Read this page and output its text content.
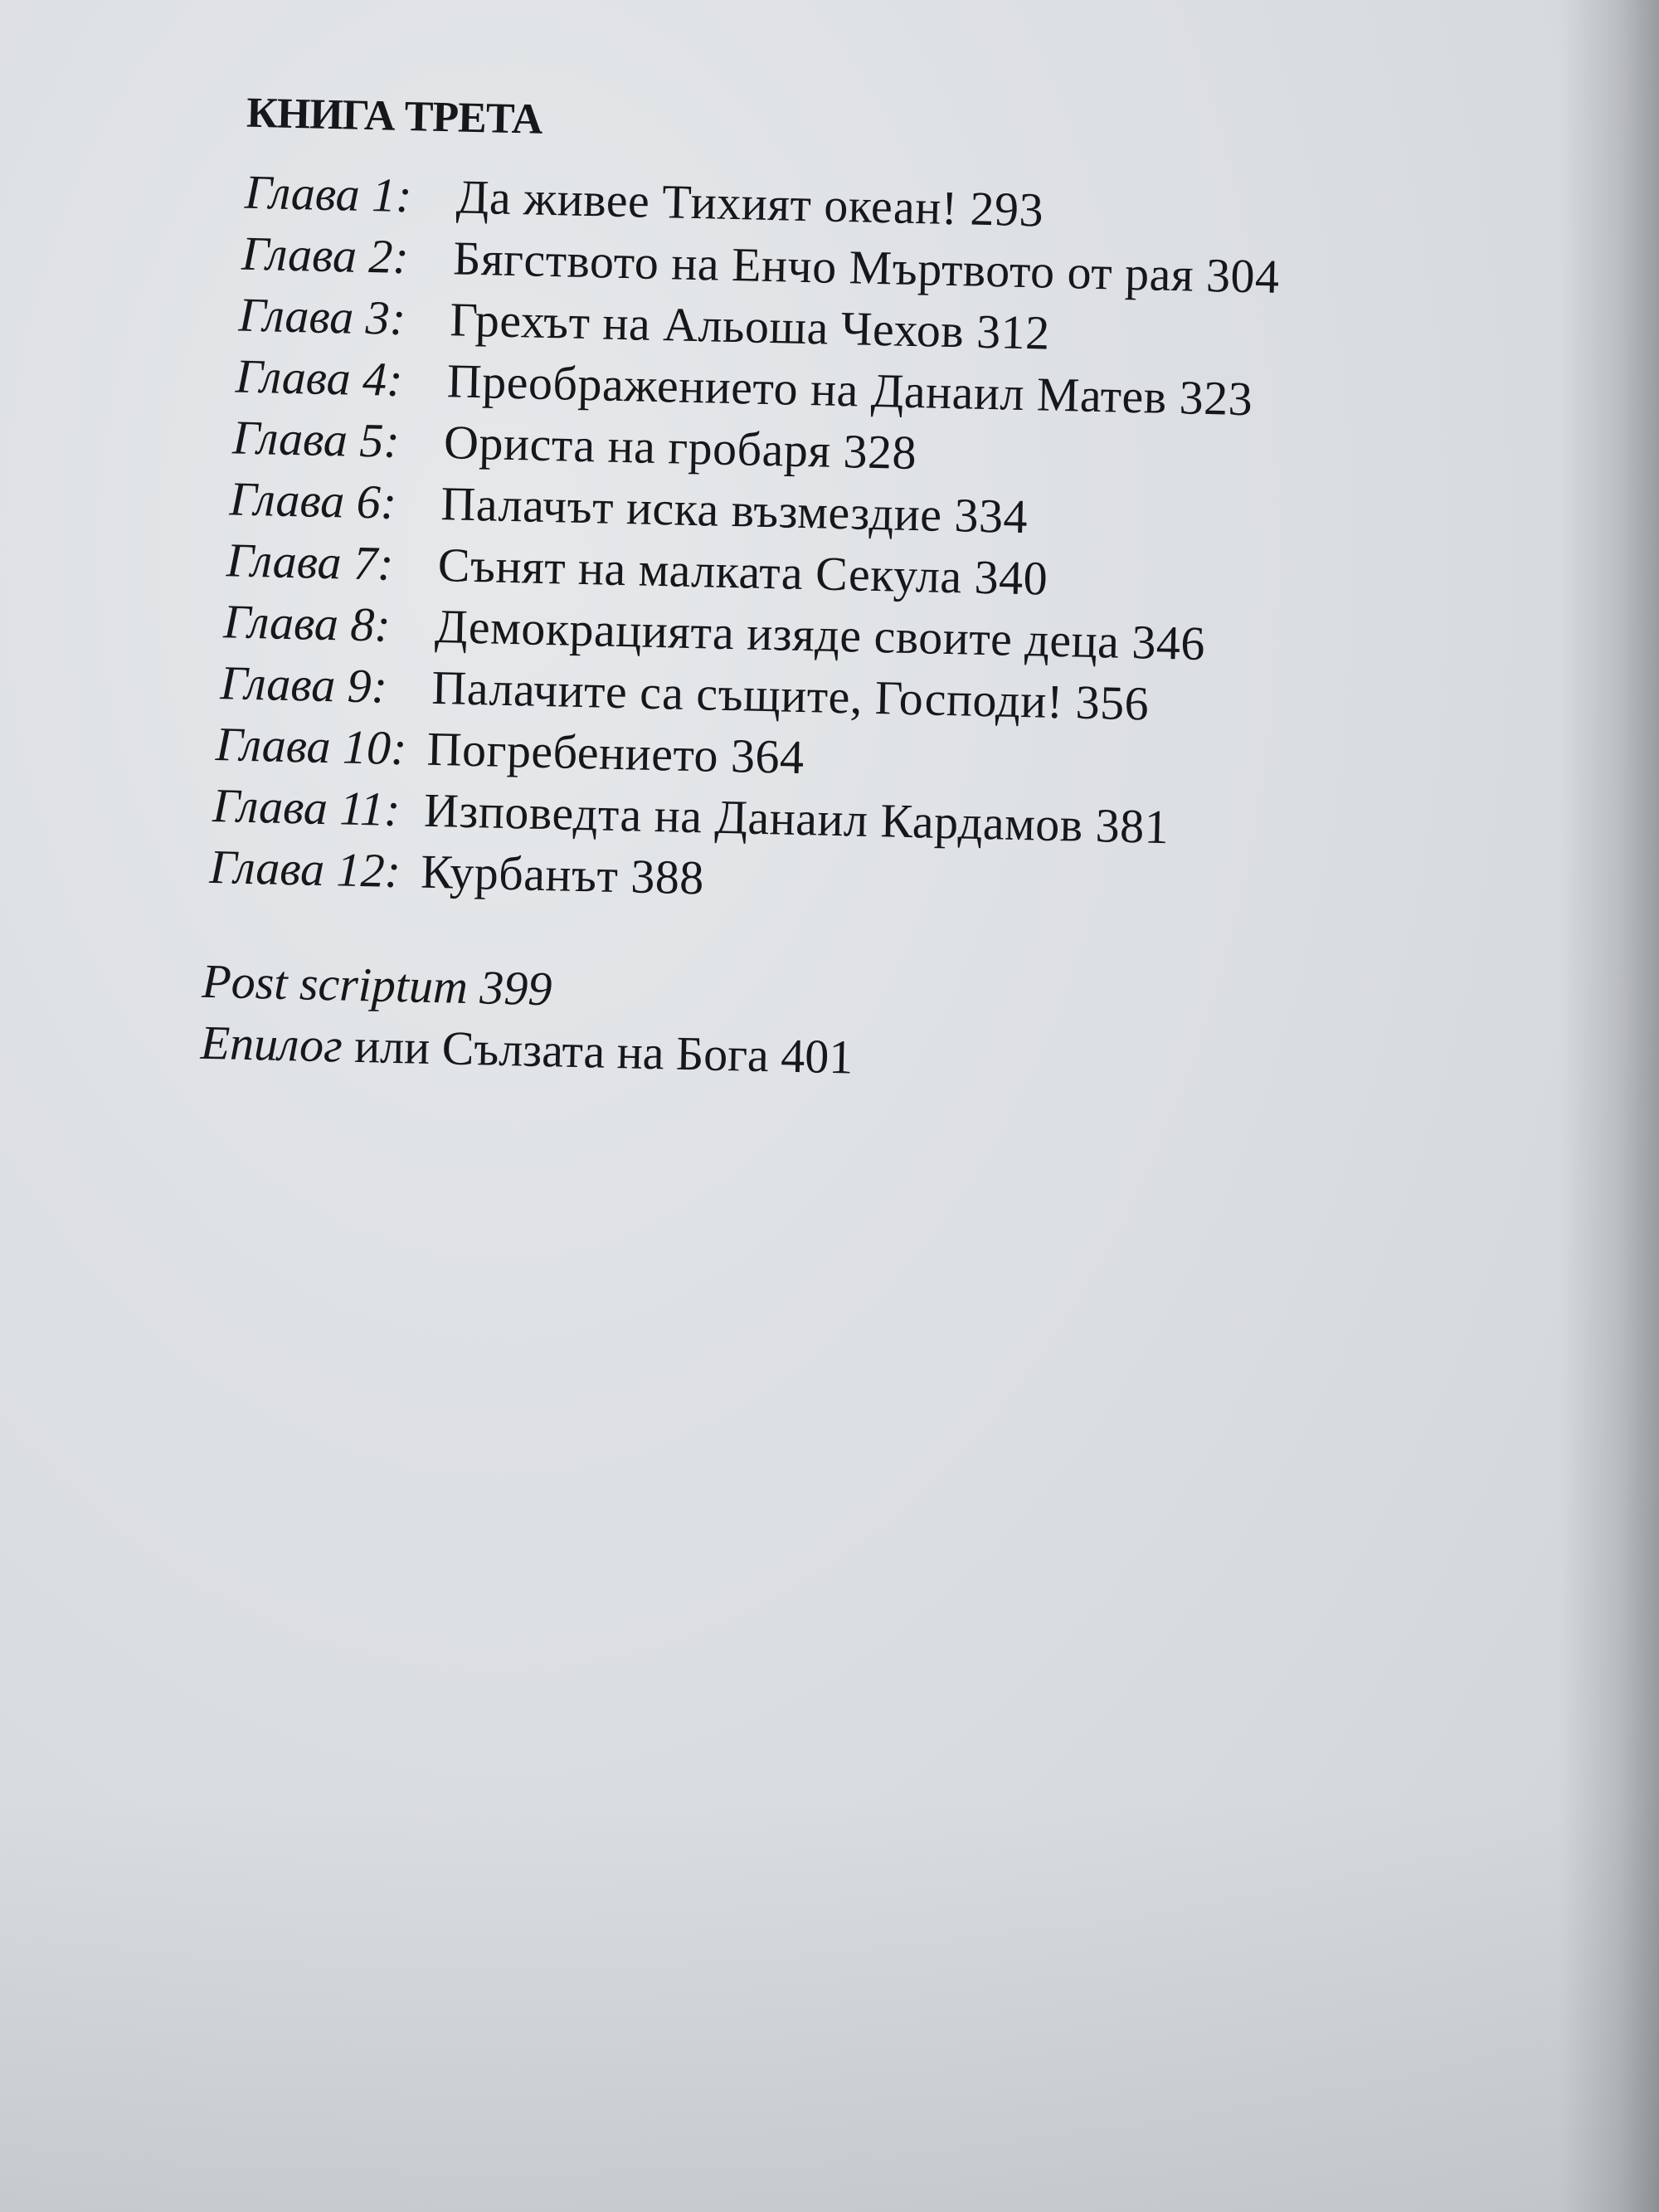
КНИГА ТРЕТА
Глава 1: Да живее Тихият океан! 293
Глава 2: Бягството на Енчо Мъртвото от рая 304
Глава 3: Грехът на Альоша Чехов 312
Глава 4: Преображението на Данаил Матев 323
Глава 5: Ориста на гробаря 328
Глава 6: Палачът иска възмездие 334
Глава 7: Сънят на малката Секула 340
Глава 8: Демокрацията изяде своите деца 346
Глава 9: Палачите са същите, Господи! 356
Глава 10: Погребението 364
Глава 11: Изповедта на Данаил Кардамов 381
Глава 12: Курбанът 388
Post scriptum 399
Епилог или Сълзата на Бога 401
